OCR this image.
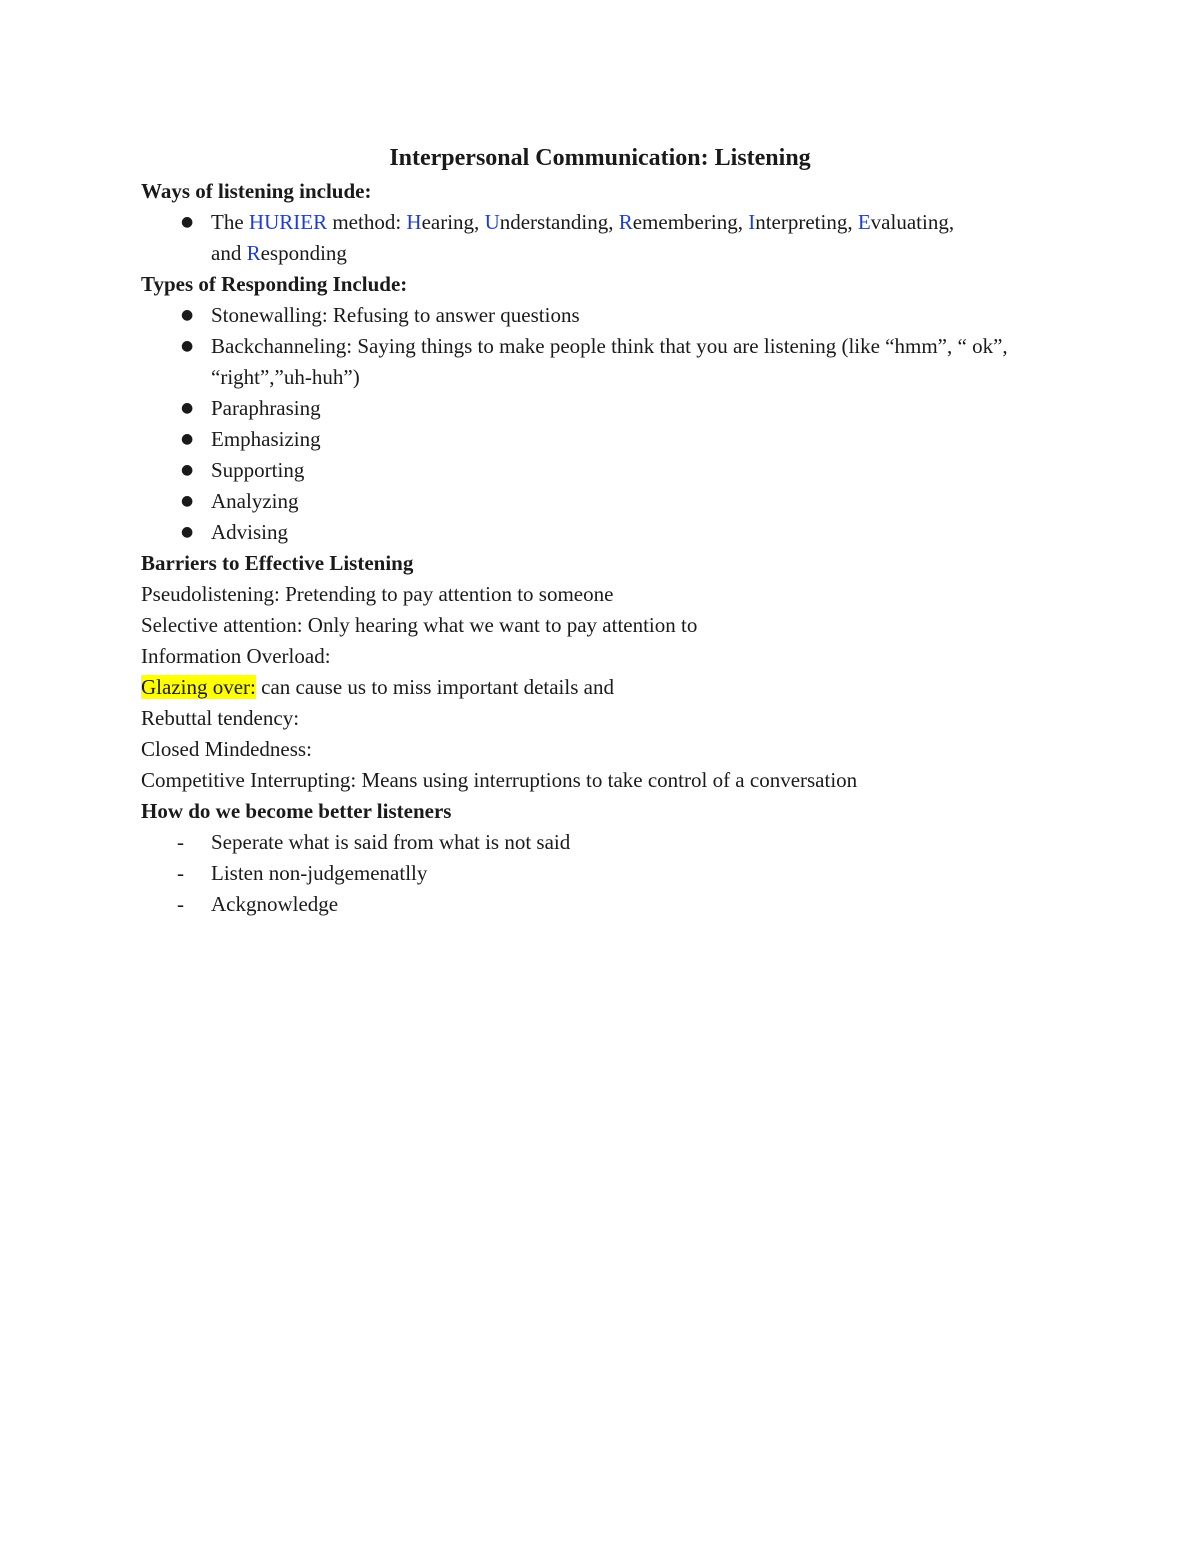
Interpersonal Communication: Listening

Ways of listening include:

● The HURIER method: Hearing, Understanding, Remembering, Interpreting, Evaluating,
and Responding

Types of Responding Include:

● Stonewalling: Refusing to answer questions
● Backchanneling: Saying things to make people think that you are listening (like “hmm”, “ ok”, “right”,”uh-huh”)
● Paraphrasing
● Emphasizing
● Supporting
● Analyzing
● Advising

Barriers to Effective Listening

Pseudolistening: Pretending to pay attention to someone

Selective attention: Only hearing what we want to pay attention to

Information Overload:

Glazing over: can cause us to miss important details and

Rebuttal tendency:

Closed Mindedness:

Competitive Interrupting: Means using interruptions to take control of a conversation

How do we become better listeners

- Seperate what is said from what is not said
- Listen non-judgemenatlly
- Ackgnowledge
